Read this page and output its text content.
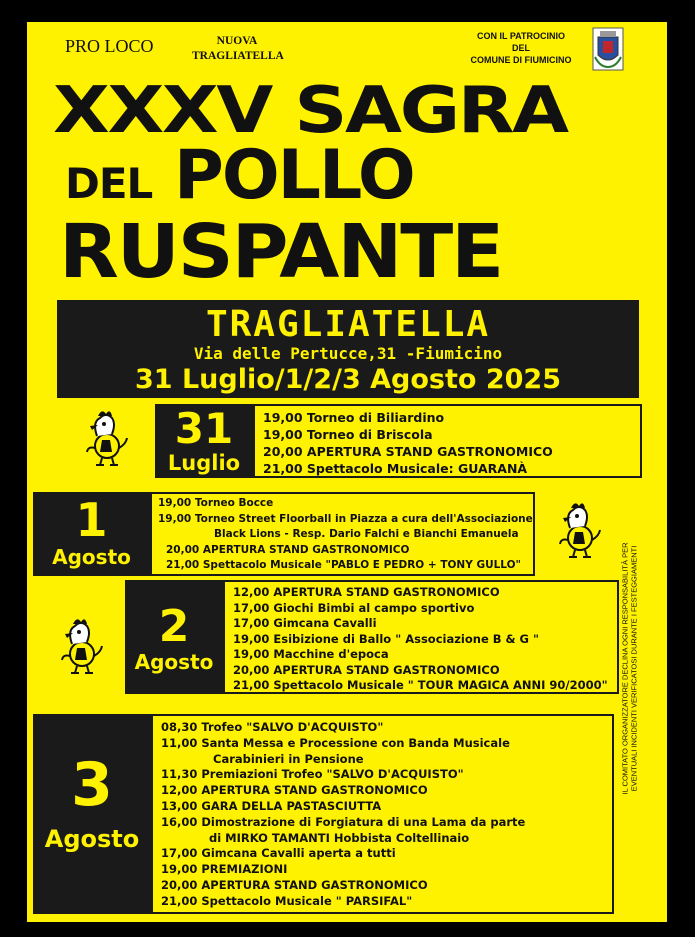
PRO LOCO	NUOVA TRAGLIATELLA
CON IL PATROCINIO
DEL
COMUNE DI FIUMICINO
XXXV SAGRA
DEL POLLO
RUSPANTE
TRAGLIATELLA
Via delle Pertucce,31 -Fiumicino
31 Luglio/1/2/3 Agosto 2025
31
Luglio
19,00 Torneo di Biliardino
19,00 Torneo di Briscola
20,00 APERTURA STAND GASTRONOMICO
21,00 Spettacolo Musicale: GUARANÀ
1
Agosto
19,00 Torneo Bocce
19,00 Torneo Street Floorball in Piazza a cura dell'Associazione
Black Lions - Resp. Dario Falchi e Bianchi Emanuela
20,00 APERTURA STAND GASTRONOMICO
21,00 Spettacolo Musicale "PABLO E PEDRO + TONY GULLO"
2
Agosto
12,00 APERTURA STAND GASTRONOMICO
17,00 Giochi Bimbi al campo sportivo
17,00 Gimcana Cavalli
19,00 Esibizione di Ballo " Associazione B & G "
19,00 Macchine d'epoca
20,00 APERTURA STAND GASTRONOMICO
21,00 Spettacolo Musicale " TOUR MAGICA ANNI 90/2000"
3
Agosto
08,30 Trofeo "SALVO D'ACQUISTO"
11,00 Santa Messa e Processione con Banda Musicale
Carabinieri in Pensione
11,30 Premiazioni Trofeo "SALVO D'ACQUISTO"
12,00 APERTURA STAND GASTRONOMICO
13,00 GARA DELLA PASTASCIUTTA
16,00 Dimostrazione di Forgiatura di una Lama da parte
di MIRKO TAMANTI Hobbista Coltellinaio
17,00 Gimcana Cavalli aperta a tutti
19,00 PREMIAZIONI
20,00 APERTURA STAND GASTRONOMICO
21,00 Spettacolo Musicale " PARSIFAL"
IL COMITATO ORGANIZZATORE DECLINA OGNI RESPONSABILITÀ PER EVENTUALI INCIDENTI VERIFICATOSI DURANTE I FESTEGGIAMENTI
